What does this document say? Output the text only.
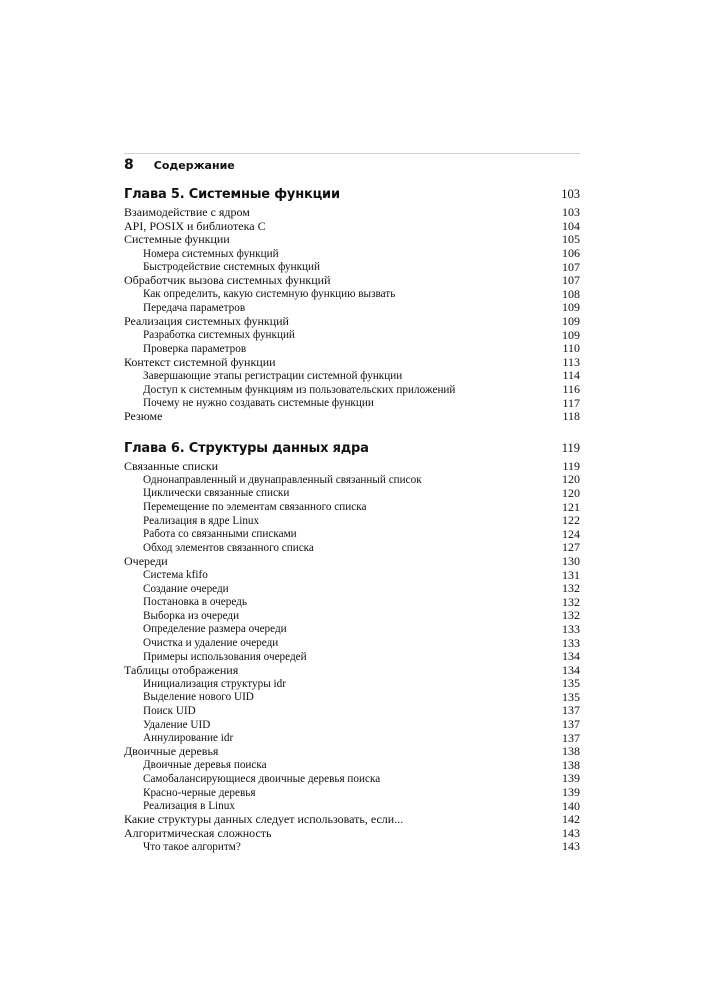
8 Содержание
Глава 5. Системные функции	103
Взаимодействие с ядром	103
API, POSIX и библиотека С	104
Системные функции	105
Номера системных функций	106
Быстродействие системных функций	107
Обработчик вызова системных функций	107
Как определить, какую системную функцию вызвать	108
Передача параметров	109
Реализация системных функций	109
Разработка системных функций	109
Проверка параметров	110
Контекст системной функции	113
Завершающие этапы регистрации системной функции	114
Доступ к системным функциям из пользовательских приложений	116
Почему не нужно создавать системные функции	117
Резюме	118
Глава 6. Структуры данных ядра	119
Связанные списки	119
Однонаправленный и двунаправленный связанный список	120
Циклически связанные списки	120
Перемещение по элементам связанного списка	121
Реализация в ядре Linux	122
Работа со связанными списками	124
Обход элементов связанного списка	127
Очереди	130
Система kfifo	131
Создание очереди	132
Постановка в очередь	132
Выборка из очереди	132
Определение размера очереди	133
Очистка и удаление очереди	133
Примеры использования очередей	134
Таблицы отображения	134
Инициализация структуры idr	135
Выделение нового UID	135
Поиск UID	137
Удаление UID	137
Аннулирование idr	137
Двоичные деревья	138
Двоичные деревья поиска	138
Самобалансирующиеся двоичные деревья поиска	139
Красно-черные деревья	139
Реализация в Linux	140
Какие структуры данных следует использовать, если...	142
Алгоритмическая сложность	143
Что такое алгоритм?	143
